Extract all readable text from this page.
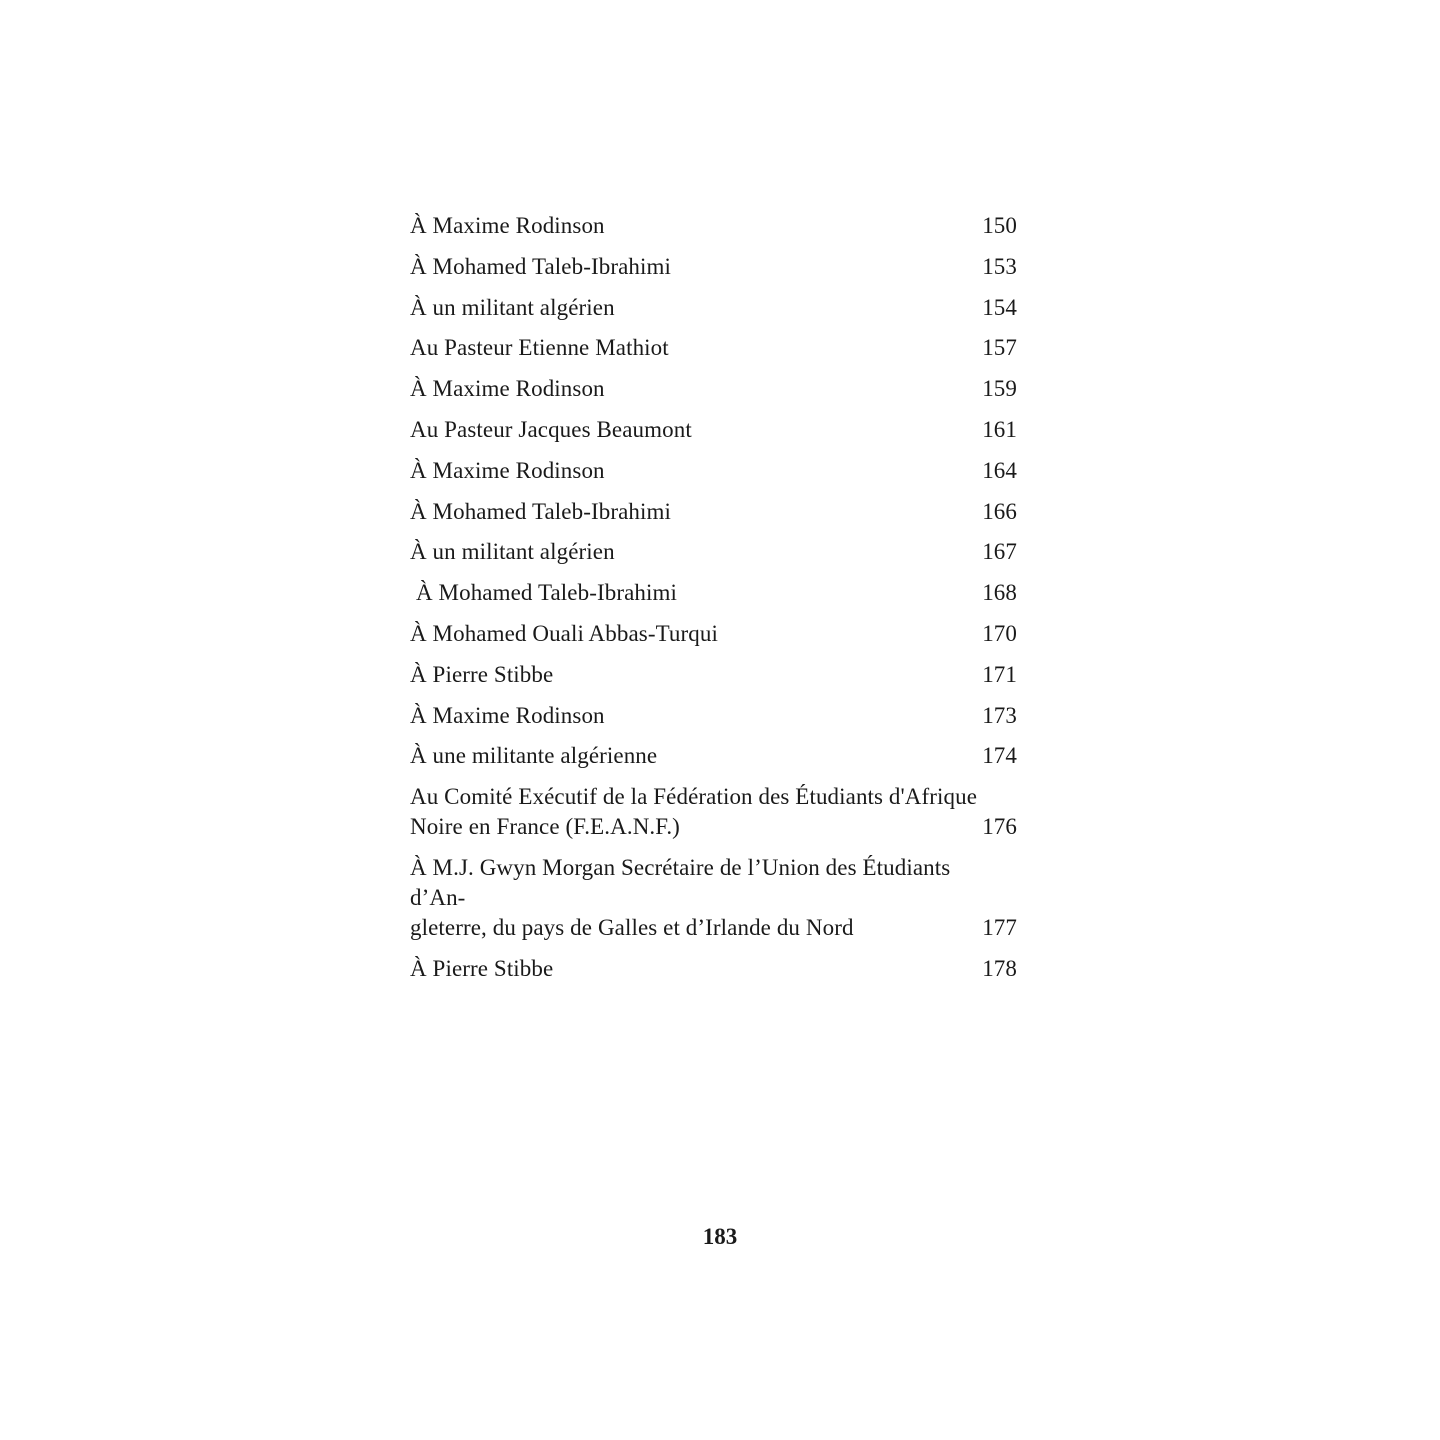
À Maxime Rodinson	150
À Mohamed Taleb-Ibrahimi	153
À un militant algérien	154
Au Pasteur Etienne Mathiot	157
À Maxime Rodinson	159
Au Pasteur Jacques Beaumont	161
À Maxime Rodinson	164
À Mohamed Taleb-Ibrahimi	166
À un militant algérien	167
À Mohamed Taleb-Ibrahimi	168
À Mohamed Ouali Abbas-Turqui	170
À Pierre Stibbe	171
À Maxime Rodinson	173
À une militante algérienne	174
Au Comité Exécutif de la Fédération des Étudiants d'Afrique
Noire en France (F.E.A.N.F.)	176
À M.J. Gwyn Morgan Secrétaire de l’Union des Étudiants d’An-
gleterre, du pays de Galles et d’Irlande du Nord	177
À Pierre Stibbe	178
183
